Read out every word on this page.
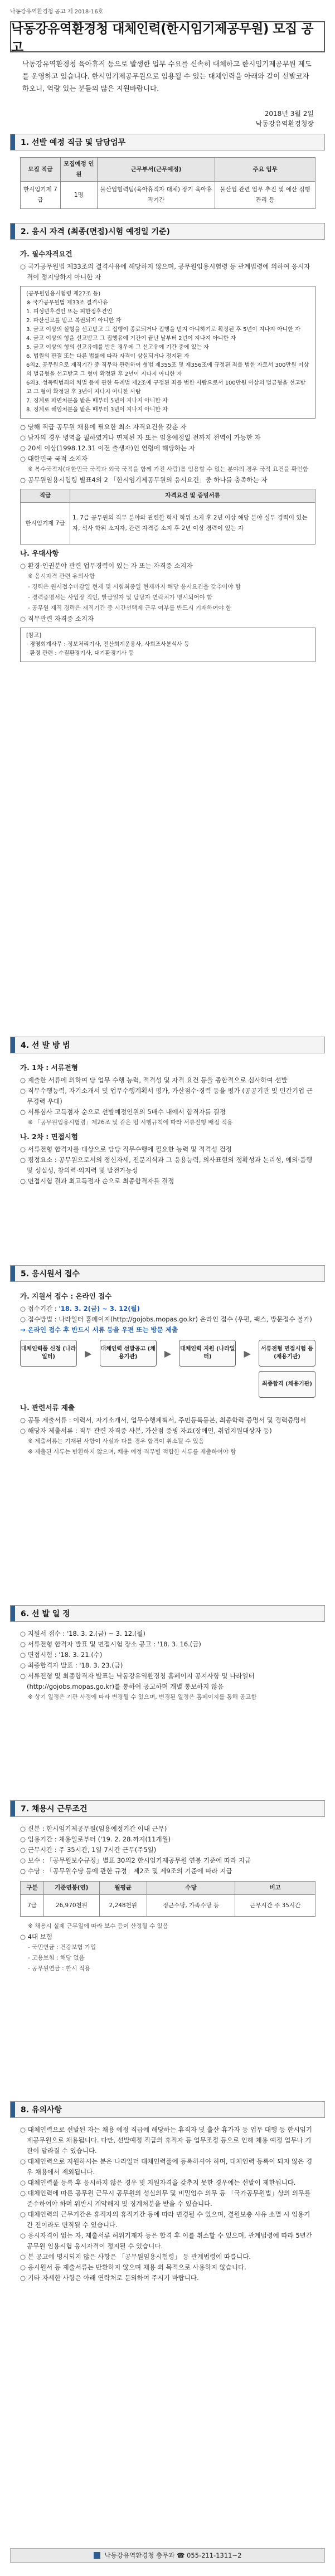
낙동강유역환경청 공고 제 2018-16호
낙동강유역환경청 대체인력(한시임기제공무원) 모집 공고
낙동강유역환경청 육아휴직 등으로 발생한 업무 수요를 신속히 대체하고 한시임기제공무원 제도를 운영하고 있습니다. 한시임기제공무원으로 임용될 수 있는 대체인력을 아래와 같이 선발코자 하오니, 역량 있는 분들의 많은 지원바랍니다.
2018년 3월 2일
낙동강유역환경청장
1. 선발 예정 직급 및 담당업무
모집 직급	모집예정 인원	근무부서(근무예정)	주요 업무
한시임기제 7급	1명	물산업협력팀(육아휴직자 대체) 장기 육아휴직기간	물산업 관련 업무 추진 및 예산 집행관리 등
2. 응시 자격 (최종(면접)시험 예정일 기준)
가. 필수자격요건
○ 국가공무원법 제33조의 결격사유에 해당하지 않으며, 공무원임용시험령 등 관계법령에 의하여 응시자격이 정지당하지 아니한 자
(공무원임용시험령 제27조 등)
※ 국가공무원법 제33조 결격사유
1. 피성년후견인 또는 피한정후견인
2. 파산선고를 받고 복권되지 아니한 자
3. 금고 이상의 실형을 선고받고 그 집행이 종료되거나 집행을 받지 아니하기로 확정된 후 5년이 지나지 아니한 자
4. 금고 이상의 형을 선고받고 그 집행유예 기간이 끝난 날부터 2년이 지나지 아니한 자
5. 금고 이상의 형의 선고유예를 받은 경우에 그 선고유예 기간 중에 있는 자
6. 법원의 판결 또는 다른 법률에 따라 자격이 상실되거나 정지된 자
6의2. 공무원으로 재직기간 중 직무와 관련하여 형법 제355조 및 제356조에 규정된 죄를 범한 자로서 300만원 이상의 벌금형을 선고받고 그 형이 확정된 후 2년이 지나지 아니한 자
6의3. 성폭력범죄의 처벌 등에 관한 특례법 제2조에 규정된 죄를 범한 사람으로서 100만원 이상의 벌금형을 선고받고 그 형이 확정된 후 3년이 지나지 아니한 사람
7. 징계로 파면처분을 받은 때부터 5년이 지나지 아니한 자
8. 징계로 해임처분을 받은 때부터 3년이 지나지 아니한 자
○ 당해 직급 공무원 채용에 필요한 최소 자격요건을 갖춘 자
○ 남자의 경우 병역을 필하였거나 면제된 자 또는 임용예정일 전까지 전역이 가능한 자
○ 20세 이상(1998.12.31 이전 출생자)인 연령에 해당하는 자
○ 대한민국 국적 소지자
※ 복수국적자(대한민국 국적과 외국 국적을 함께 가진 사람)를 임용할 수 없는 분야의 경우 국적 요건을 확인함
○ 공무원임용시험령 별표4의 2 「한시임기제공무원의 응시요건」중 하나를 충족하는 자
직급	자격요건 및 증빙서류
한시임기제 7급	1. 7급 공무원의 직무 분야와 관련한 학사 학위 소지 후 2년 이상 해당 분야 실무 경력이 있는 자, 석사 학위 소지자, 관련 자격증 소지 후 2년 이상 경력이 있는 자
나. 우대사항
○ 환경·인권분야 관련 업무경력이 있는 자 또는 자격증 소지자
※ 응시자격 관련 유의사항
- 경력은 원서접수마감일 현재 및 시험최종일 현재까지 해당 응시요건을 갖추어야 함
- 경력증명서는 사업장 직인, 발급일자 및 담당자 연락처가 명시되어야 함
- 공무원 재직 경력은 재직기간 중 시간선택제 근무 여부를 반드시 기재하여야 함
○ 직무관련 자격증 소지자
[참고]
· 경영회계사무 : 정보처리기사, 전산회계운용사, 사회조사분석사 등
· 환경 관련 : 수질환경기사, 대기환경기사 등
4. 선 발 방 법
가. 1차 : 서류전형
○ 제출한 서류에 의하여 당 업무 수행 능력, 적격성 및 자격 요건 등을 종합적으로 심사하여 선발
○ 직무수행능력, 자기소개서 및 업무수행계획서 평가, 가산점수·경력 등을 평가 (공공기관 및 민간기업 근무경력 우대)
○ 서류심사 고득점자 순으로 선발예정인원의 5배수 내에서 합격자를 결정
※ 「공무원임용시험령」제26조 및 같은 법 시행규칙에 따라 서류전형 배점 적용
나. 2차 : 면접시험
○ 서류전형 합격자를 대상으로 담당 직무수행에 필요한 능력 및 적격성 검정
○ 평정요소 : 공무원으로서의 정신자세, 전문지식과 그 응용능력, 의사표현의 정확성과 논리성, 예의·품행 및 성실성, 창의력·의지력 및 발전가능성
○ 면접시험 결과 최고득점자 순으로 최종합격자를 결정
5. 응시원서 접수
가. 지원서 접수 : 온라인 접수
○ 접수기간 : '18. 3. 2(금) ~ 3. 12(월)
○ 접수방법 : 나라일터 홈페이지(http://gojobs.mopas.go.kr) 온라인 접수 (우편, 팩스, 방문접수 불가)
→ 온라인 접수 후 반드시 서류 등을 우편 또는 방문 제출
대체인력풀 신청 (나라일터)	▶ 대체인력 선발공고 (채용기관)	▶ 대체인력 지원 (나라일터)	▶	서류전형 면접시험 등 (채용기관)
최종합격 (채용기관)
나. 관련서류 제출
○ 공통 제출서류 : 이력서, 자기소개서, 업무수행계획서, 주민등록등본, 최종학력 증명서 및 경력증명서
○ 해당자 제출서류 : 직무 관련 자격증 사본, 가산점 증빙 자료(장애인, 취업지원대상자 등)
※ 제출서류는 기재된 사항이 사실과 다를 경우 합격이 취소될 수 있음
※ 제출된 서류는 반환하지 않으며, 채용 예정 직무별 적합한 서류를 제출하여야 함
6. 선 발 일 정
○ 지원서 접수 : '18. 3. 2.(금) ~ 3. 12.(월)
○ 서류전형 합격자 발표 및 면접시험 장소 공고 : '18. 3. 16.(금)
○ 면접시험 : '18. 3. 21.(수)
○ 최종합격자 발표 : '18. 3. 23.(금)
○ 서류전형 및 최종합격자 발표는 낙동강유역환경청 홈페이지 공지사항 및 나라일터(http://gojobs.mopas.go.kr)를 통하여 공고하며 개별 통보하지 않음
※ 상기 일정은 기관 사정에 따라 변경될 수 있으며, 변경된 일정은 홈페이지를 통해 공고함
7. 채용시 근무조건
○ 신분 : 한시임기제공무원(임용예정기간 이내 근무)
○ 임용기간 : 채용일로부터 ('19. 2. 28.까지(11개월)
○ 근무시간 : 주 35시간, 1일 7시간 근무(주5일)
○ 보수 : 「공무원보수규정」별표 30의2 한시임기제공무원 연봉 기준에 따라 지급
○ 수당 : 「공무원수당 등에 관한 규정」제2조 및 제9조의 기준에 따라 지급
구분	기준연봉(연)	월평균	수당	비고
7급	26,970천원	2,248천원	정근수당, 가족수당 등	근무시간 주 35시간
※ 채용시 실제 근무일에 따라 보수 등이 산정될 수 있음
○ 4대 보험
- 국민연금 : 건강보험 가입
- 고용보험 : 해당 없음
- 공무원연금 : 한시 적용
8. 유의사항
○ 대체인력으로 선발된 자는 채용 예정 직급에 해당하는 휴직자 및 출산 휴가자 등 업무 대행 등 한시임기제공무원으로 채용됩니다. 다만, 선발예정 직급의 휴직자 등 업무조정 등으로 인해 채용 예정 업무나 기관이 달라질 수 있습니다.
○ 대체인력으로 지원하시는 분은 나라일터 대체인력풀에 등록하셔야 하며, 대체인력 등록이 되지 않은 경우 채용에서 제외됩니다.
○ 대체인력풀 등록 후 응시하지 않은 경우 및 지원자격을 갖추지 못한 경우에는 선발이 제한됩니다.
○ 대체인력에 따른 공무원 근무시 공무원의 성실의무 및 비밀엄수 의무 등 「국가공무원법」상의 의무를 준수하여야 하며 위반시 계약해지 및 징계처분을 받을 수 있습니다.
○ 대체인력의 근무기간은 휴직자의 휴직기간 등에 따라 변경될 수 있으며, 결원보충 사유 소멸 시 임용기간 전이라도 면직될 수 있습니다.
○ 응시자격이 없는 자, 제출서류 허위기재자 등은 합격 후 이를 취소할 수 있으며, 관계법령에 따라 5년간 공무원 임용시험 응시자격이 정지될 수 있습니다.
○ 본 공고에 명시되지 않은 사항은 「공무원임용시험령」 등 관계법령에 따릅니다.
○ 응시원서 등 제출서류는 반환하지 않으며 채용 외 목적으로 사용하지 않습니다.
○ 기타 자세한 사항은 아래 연락처로 문의하여 주시기 바랍니다.
낙동강유역환경청 총무과 ☎ 055-211-1311~2
